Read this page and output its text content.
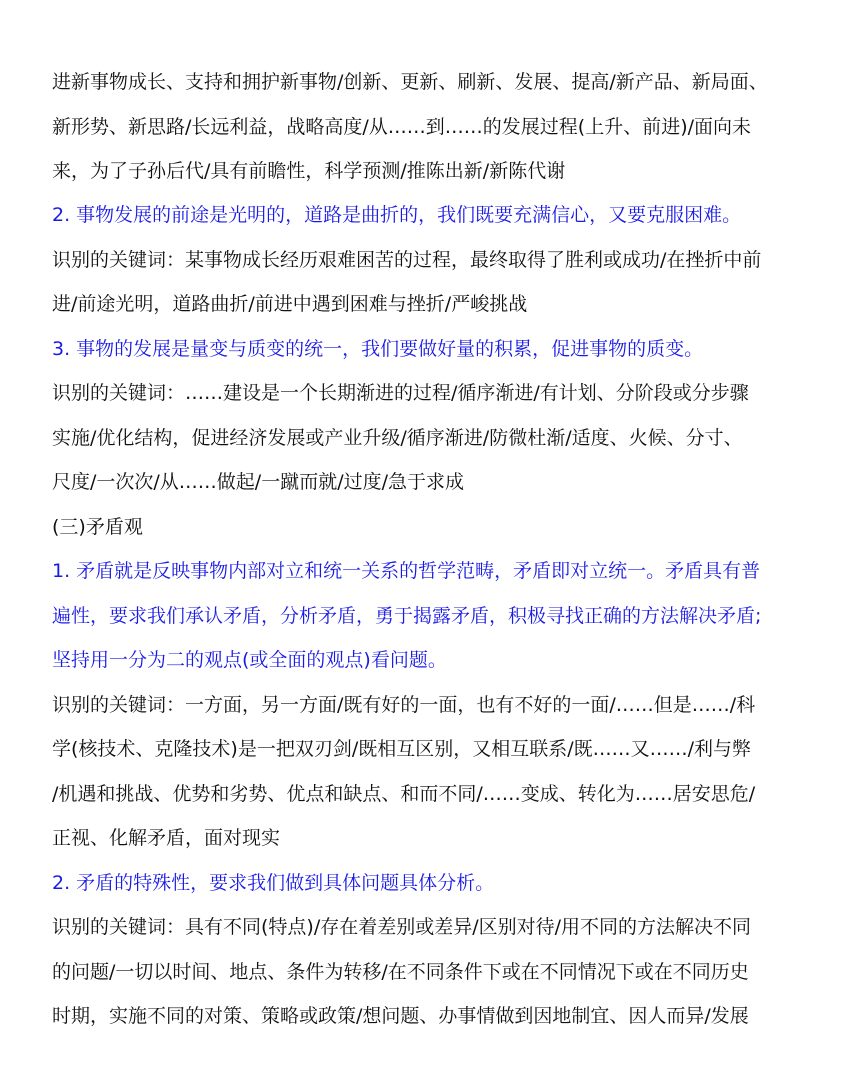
进新事物成长、支持和拥护新事物/创新、更新、刷新、发展、提高/新产品、新局面、
新形势、新思路/长远利益，战略高度/从……到……的发展过程(上升、前进)/面向未
来，为了子孙后代/具有前瞻性，科学预测/推陈出新/新陈代谢
2. 事物发展的前途是光明的，道路是曲折的，我们既要充满信心，又要克服困难。
识别的关键词：某事物成长经历艰难困苦的过程，最终取得了胜利或成功/在挫折中前
进/前途光明，道路曲折/前进中遇到困难与挫折/严峻挑战
3. 事物的发展是量变与质变的统一，我们要做好量的积累，促进事物的质变。
识别的关键词：……建设是一个长期渐进的过程/循序渐进/有计划、分阶段或分步骤
实施/优化结构，促进经济发展或产业升级/循序渐进/防微杜渐/适度、火候、分寸、
尺度/一次次/从……做起/一蹴而就/过度/急于求成
(三)矛盾观
1. 矛盾就是反映事物内部对立和统一关系的哲学范畴，矛盾即对立统一。矛盾具有普
遍性，要求我们承认矛盾，分析矛盾，勇于揭露矛盾，积极寻找正确的方法解决矛盾;
坚持用一分为二的观点(或全面的观点)看问题。
识别的关键词：一方面，另一方面/既有好的一面，也有不好的一面/……但是……/科
学(核技术、克隆技术)是一把双刃剑/既相互区别，又相互联系/既……又……/利与弊
/机遇和挑战、优势和劣势、优点和缺点、和而不同/……变成、转化为……居安思危/
正视、化解矛盾，面对现实
2. 矛盾的特殊性，要求我们做到具体问题具体分析。
识别的关键词：具有不同(特点)/存在着差别或差异/区别对待/用不同的方法解决不同
的问题/一切以时间、地点、条件为转移/在不同条件下或在不同情况下或在不同历史
时期，实施不同的对策、策略或政策/想问题、办事情做到因地制宜、因人而异/发展
